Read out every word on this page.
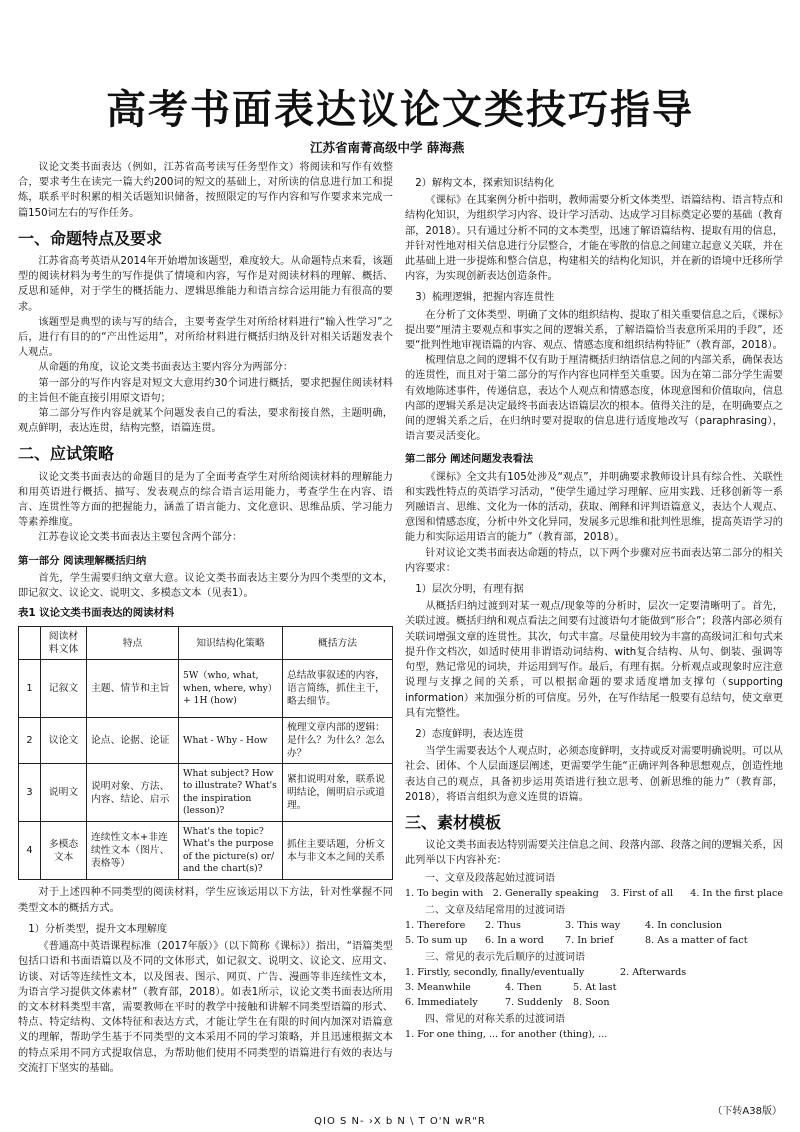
高考书面表达议论文类技巧指导
江苏省南菁高级中学 薛海燕

议论文类书面表达（例如，江苏省高考读写任务型作文）将阅读和写作有效整合，要求考生在读完一篇大约200词的短文的基础上，对所读的信息进行加工和提炼，联系平时积累的相关话题知识储备，按照限定的写作内容和写作要求来完成一篇150词左右的写作任务。

一、命题特点及要求

江苏省高考英语从2014年开始增加该题型，难度较大。从命题特点来看，该题型的阅读材料为考生的写作提供了情境和内容，写作是对阅读材料的理解、概括、反思和延伸，对于学生的概括能力、逻辑思维能力和语言综合运用能力有很高的要求。

该题型是典型的读与写的结合，主要考查学生对所给材料进行“输入性学习”之后，进行有目的的“产出性运用”，对所给材料进行概括归纳及针对相关话题发表个人观点。

从命题的角度，议论文类书面表达主要内容分为两部分：

第一部分的写作内容是对短文大意用约30个词进行概括，要求把握住阅读材料的主旨但不能直接引用原文语句；

第二部分写作内容是就某个问题发表自己的看法，要求衔接自然，主题明确，观点鲜明，表达连贯，结构完整，语篇连贯。

二、应试策略

议论文类书面表达的命题目的是为了全面考查学生对所给阅读材料的理解能力和用英语进行概括、描写、发表观点的综合语言运用能力，考查学生在内容、语言、连贯性等方面的把握能力，涵盖了语言能力、文化意识、思维品质、学习能力等素养维度。

江苏卷议论文类书面表达主要包含两个部分：

第一部分 阅读理解概括归纳

首先，学生需要归纳文章大意。议论文类书面表达主要分为四个类型的文本，即记叙文、议论文、说明文、多模态文本（见表1）。

表1 议论文类书面表达的阅读材料
	阅读材料文体	特点	知识结构化策略	概括方法
1	记叙文	主题、情节和主旨	5W（who, what, when, where, why）+ 1H (how)	总结故事叙述的内容，语言简练，抓住主干，略去细节。
2	议论文	论点、论据、论证	What - Why - How	梳理文章内部的逻辑：是什么？为什么？怎么办？
3	说明文	说明对象、方法、内容、结论、启示	What subject? How to illustrate? What's the inspiration (lesson)?	紧扣说明对象，联系说明结论，阐明启示或道理。
4	多模态文本	连续性文本+非连续性文本（图片、表格等）	What's the topic? What's the purpose of the picture(s) or/ and the chart(s)?	抓住主要话题，分析文本与非文本之间的关系

对于上述四种不同类型的阅读材料，学生应该运用以下方法，针对性掌握不同类型文本的概括方式。

1）分析类型，提升文本理解度

《普通高中英语课程标准（2017年版）》（以下简称《课标》）指出，“语篇类型包括口语和书面语篇以及不同的文体形式，如记叙文、说明文、议论文、应用文、访谈、对话等连续性文本，以及图表、图示、网页、广告、漫画等非连续性文本，为语言学习提供文体素材”（教育部，2018）。如表1所示，议论文类书面表达所用的文本材料类型丰富，需要教师在平时的教学中接触和讲解不同类型语篇的形式、特点、特定结构、文体特征和表达方式，才能让学生在有限的时间内加深对语篇意义的理解，帮助学生基于不同类型的文本采用不同的学习策略，并且迅速根据文本的特点采用不同方式提取信息，为帮助他们使用不同类型的语篇进行有效的表达与交流打下坚实的基础。

2）解构文本，探索知识结构化

《课标》在其案例分析中指明，教师需要分析文体类型、语篇结构、语言特点和结构化知识，为组织学习内容、设计学习活动、达成学习目标奠定必要的基础（教育部，2018）。只有通过分析不同的文本类型，迅速了解语篇结构、提取有用的信息，并针对性地对相关信息进行分层整合，才能在零散的信息之间建立起意义关联，并在此基础上进一步提炼和整合信息，构建相关的结构化知识，并在新的语境中迁移所学内容，为实现创新表达创造条件。

3）梳理逻辑，把握内容连贯性

在分析了文体类型、明确了文体的组织结构、提取了相关重要信息之后，《课标》提出要“厘清主要观点和事实之间的逻辑关系，了解语篇恰当表意所采用的手段”，还要“批判性地审视语篇的内容、观点、情感态度和组织结构特征”（教育部，2018）。

梳理信息之间的逻辑不仅有助于厘清概括归纳语信息之间的内部关系，确保表达的连贯性，而且对于第二部分的写作内容也同样至关重要。因为在第二部分学生需要有效地陈述事件，传递信息，表达个人观点和情感态度，体现意图和价值取向，信息内部的逻辑关系是决定最终书面表达语篇层次的根本。值得关注的是，在明确要点之间的逻辑关系之后，在归纳时要对提取的信息进行适度地改写（paraphrasing），语言要灵活变化。

第二部分 阐述问题发表看法

《课标》全文共有105处涉及“观点”，并明确要求教师设计具有综合性、关联性和实践性特点的英语学习活动，“使学生通过学习理解、应用实践、迁移创新等一系列融语言、思维、文化为一体的活动，获取、阐释和评判语篇意义，表达个人观点、意图和情感态度，分析中外文化异同，发展多元思维和批判性思维，提高英语学习的能力和实际运用语言的能力”（教育部，2018）。

针对议论文类书面表达命题的特点，以下两个步骤对应书面表达第二部分的相关内容要求：

1）层次分明，有理有据

从概括归纳过渡到对某一观点/现象等的分析时，层次一定要清晰明了。首先，关联过渡。概括归纳和观点看法之间要有过渡语句才能做到“形合”；段落内部必须有关联词增强文章的连贯性。其次，句式丰富。尽量使用较为丰富的高级词汇和句式来提升作文档次，如适时使用非谓语动词结构、with复合结构、从句、倒装、强调等句型，熟记常见的词块，并运用到写作。最后，有理有据。分析观点或现象时应注意说理与支撑之间的关系，可以根据命题的要求适度增加支撑句（supporting information）来加强分析的可信度。另外，在写作结尾一般要有总结句，使文章更具有完整性。

2）态度鲜明，表达连贯

当学生需要表达个人观点时，必须态度鲜明，支持或反对需要明确说明。可以从社会、团体、个人层面逐层阐述，更需要学生能“正确评判各种思想观点，创造性地表达自己的观点，具备初步运用英语进行独立思考、创新思维的能力”（教育部，2018），将语言组织为意义连贯的语篇。

三、素材模板

议论文类书面表达特别需要关注信息之间、段落内部、段落之间的逻辑关系，因此列举以下内容补充：

一、文章及段落起始过渡词语

1. To begin with 2. Generally speaking	3. First of all	4. In the first place

二、文章及结尾常用的过渡词语

1. Therefore	2. Thus	3. This way	4. In conclusion
5. To sum up	6. In a word	7. In brief	8. As a matter of fact

三、常见的表示先后顺序的过渡词语

1. Firstly, secondly, finally/eventually	2. Afterwards
3. Meanwhile	4. Then	5. At last
6. Immediately	7. Suddenly	8. Soon

四、常见的对称关系的过渡词语

1. For one thing, ... for another (thing), ...
（下转A38版）
QIO S N- ›X b N \ T O'N wR"R
